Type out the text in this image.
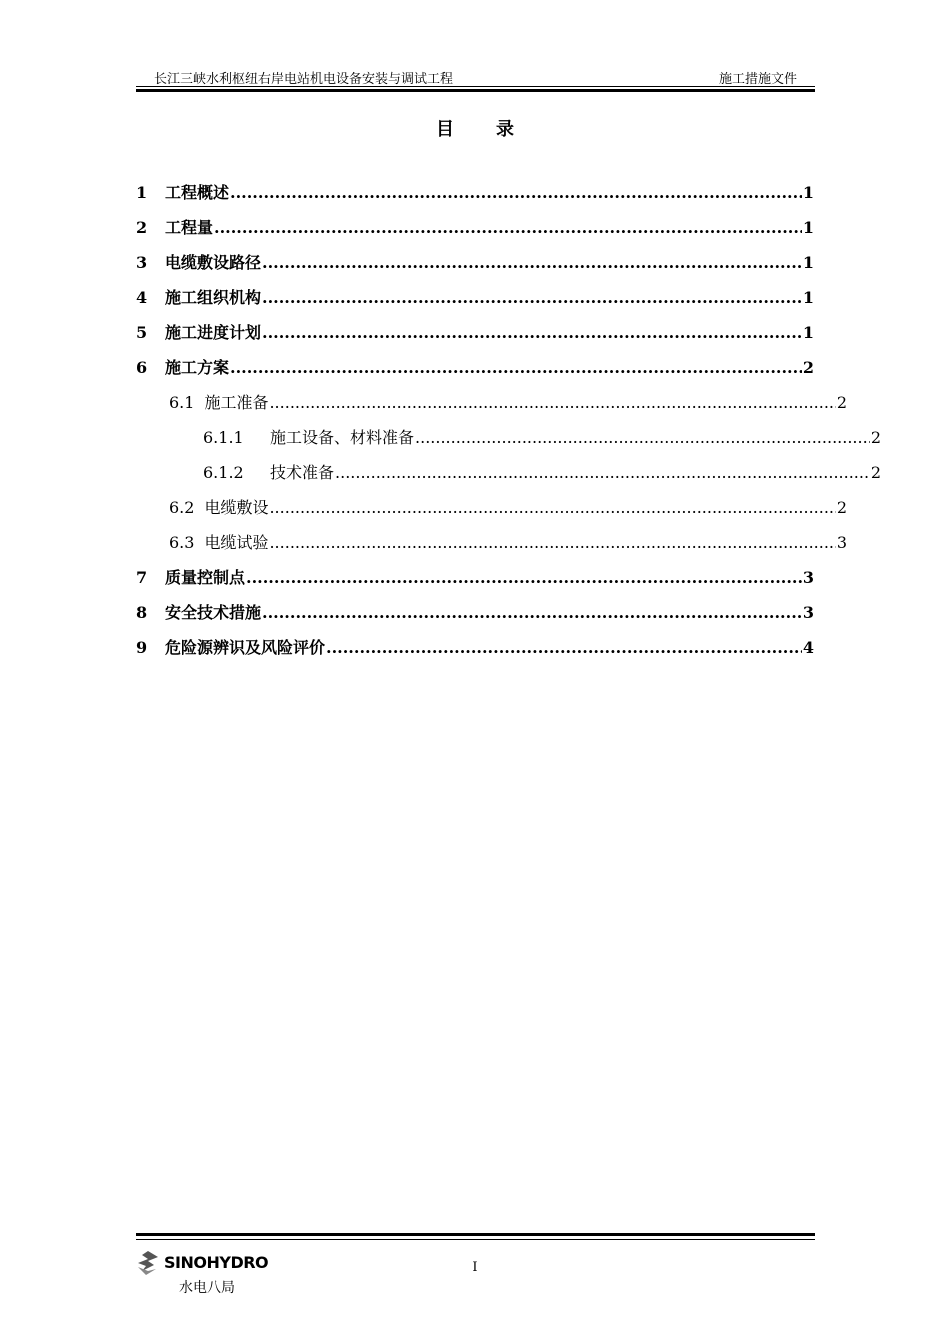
长江三峡水利枢纽右岸电站机电设备安装与调试工程	施工措施文件
目 录
1	工程概述 .....	1
2	工程量 .....	1
3	电缆敷设路径 .....	1
4	施工组织机构 .....	1
5	施工进度计划 .....	1
6	施工方案 .....	2
6.1 施工准备 .....	2
6.1.1	施工设备、材料准备 .....	2
6.1.2	技术准备 .....	2
6.2 电缆敷设 .....	2
6.3 电缆试验 .....	3
7	质量控制点 .....	3
8	安全技术措施 .....	3
9	危险源辨识及风险评价 .....	4
SINOHYDRO
水电八局
I
